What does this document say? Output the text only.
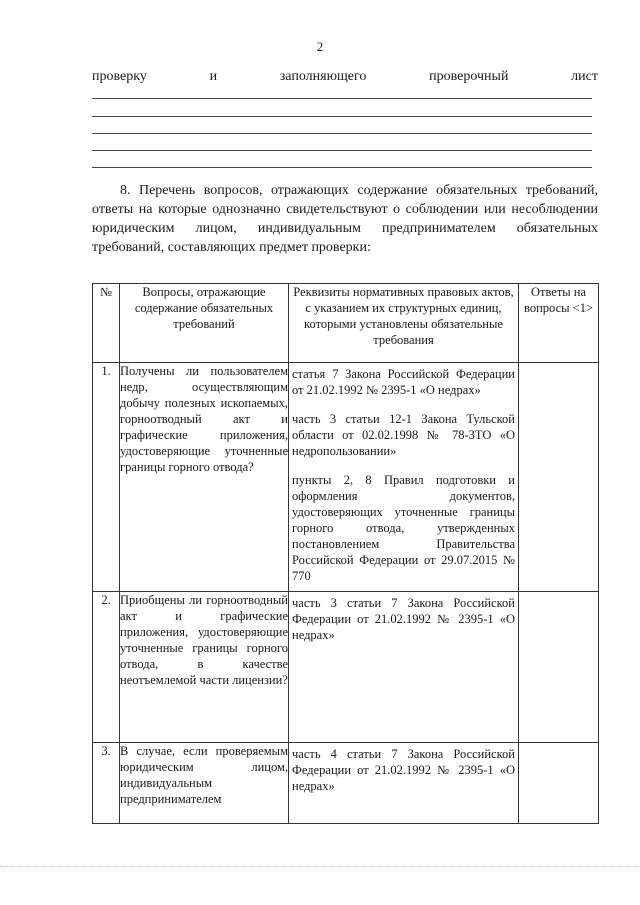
2
проверку	и	заполняющего	проверочный	лист
8. Перечень вопросов, отражающих содержание обязательных требований, ответы на которые однозначно свидетельствуют о соблюдении или несоблюдении юридическим лицом, индивидуальным предпринимателем обязательных требований, составляющих предмет проверки:
№	Вопросы, отражающие содержание обязательных требований	Реквизиты нормативных правовых актов, с указанием их структурных единиц, которыми установлены обязательные требования	Ответы на вопросы <1>
1.	Получены ли пользователем недр, осуществляющим добычу полезных ископаемых, горноотводный акт и графические приложения, удостоверяющие уточненные границы горного отвода?	статья 7 Закона Российской Федерации от 21.02.1992 № 2395-1 «О недрах»
часть 3 статьи 12-1 Закона Тульской области от 02.02.1998 № 78-ЗТО «О недропользовании»
пункты 2, 8 Правил подготовки и оформления документов, удостоверяющих уточненные границы горного отвода, утвержденных постановлением Правительства Российской Федерации от 29.07.2015 № 770	

2.	Приобщены ли горноотводный акт и графические приложения, удостоверяющие уточненные границы горного отвода, в качестве неотъемлемой части лицензии?	часть 3 статьи 7 Закона Российской Федерации от 21.02.1992 № 2395-1 «О недрах»	

3.	В случае, если проверяемым юридическим лицом, индивидуальным предпринимателем	часть 4 статьи 7 Закона Российской Федерации от 21.02.1992 № 2395-1 «О недрах»	
